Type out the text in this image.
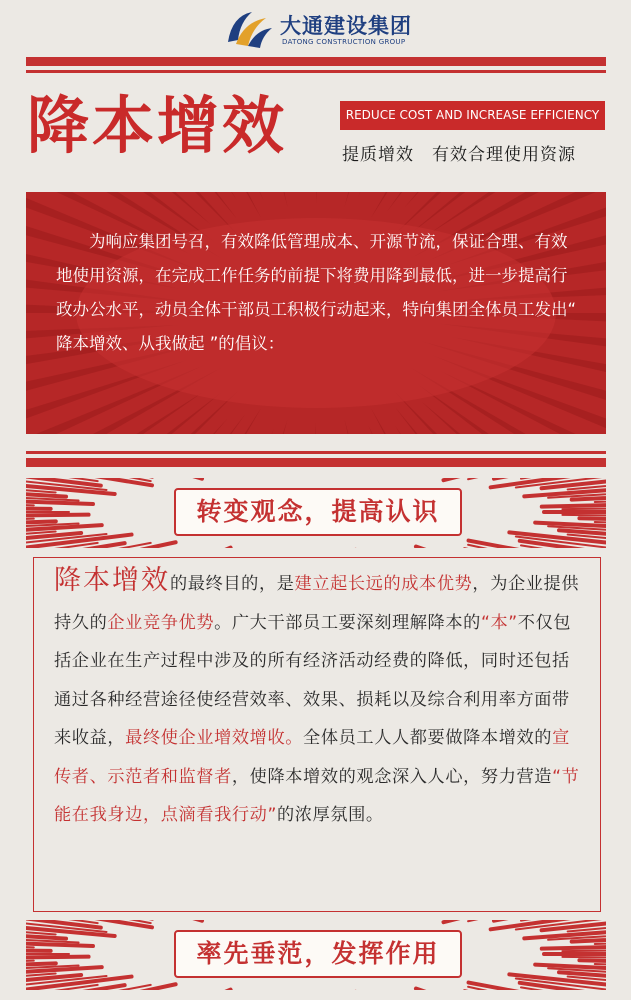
大通建设集团
DATONG CONSTRUCTION GROUP
降本增效	REDUCE COST AND INCREASE EFFICIENCY
提质增效　有效合理使用资源

为响应集团号召，有效降低管理成本、开源节流，保证合理、有效地使用资源，在完成工作任务的前提下将费用降到最低，进一步提高行政办公水平，动员全体干部员工积极行动起来，特向集团全体员工发出“ 降本增效、从我做起 ”的倡议：

转变观念，提高认识

降本增效的最终目的，是建立起长远的成本优势，为企业提供持久的企业竞争优势。广大干部员工要深刻理解降本的“本”不仅包括企业在生产过程中涉及的所有经济活动经费的降低，同时还包括通过各种经营途径使经营效率、效果、损耗以及综合利用率方面带来收益，最终使企业增效增收。全体员工人人都要做降本增效的宣传者、示范者和监督者，使降本增效的观念深入人心，努力营造“节能在我身边，点滴看我行动”的浓厚氛围。

率先垂范，发挥作用
